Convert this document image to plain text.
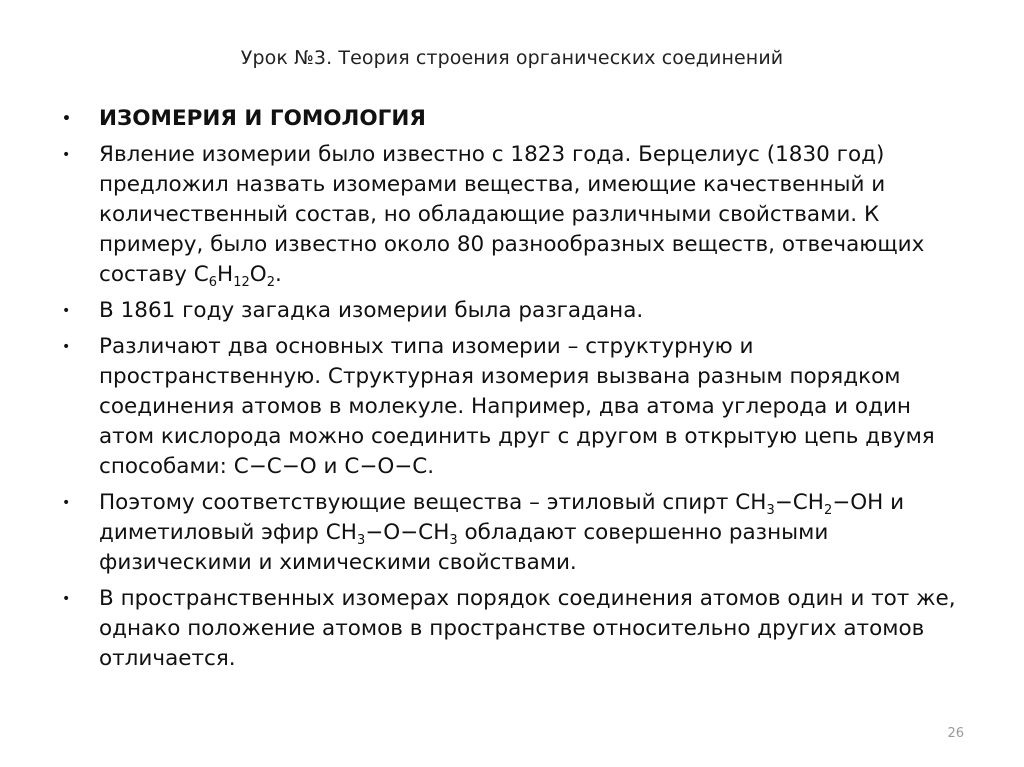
Урок №3. Теория строения органических соединений
• ИЗОМЕРИЯ И ГОМОЛОГИЯ
• Явление изомерии было известно с 1823 года. Берцелиус (1830 год) предложил назвать изомерами вещества, имеющие качественный и количественный состав, но обладающие различными свойствами. К примеру, было известно около 80 разнообразных веществ, отвечающих составу $C_6H_{12}O_2$.
• В 1861 году загадка изомерии была разгадана.
• Различают два основных типа изомерии – структурную и пространственную. Структурная изомерия вызвана разным порядком соединения атомов в молекуле. Например, два атома углерода и один атом кислорода можно соединить друг с другом в открытую цепь двумя способами: С−С−О и С−О−С.
• Поэтому соответствующие вещества – этиловый спирт $CH_3-CH_2-OH$ и диметиловый эфир $CH_3-O-CH_3$ обладают совершенно разными физическими и химическими свойствами.
• В пространственных изомерах порядок соединения атомов один и тот же, однако положение атомов в пространстве относительно других атомов отличается.
26
